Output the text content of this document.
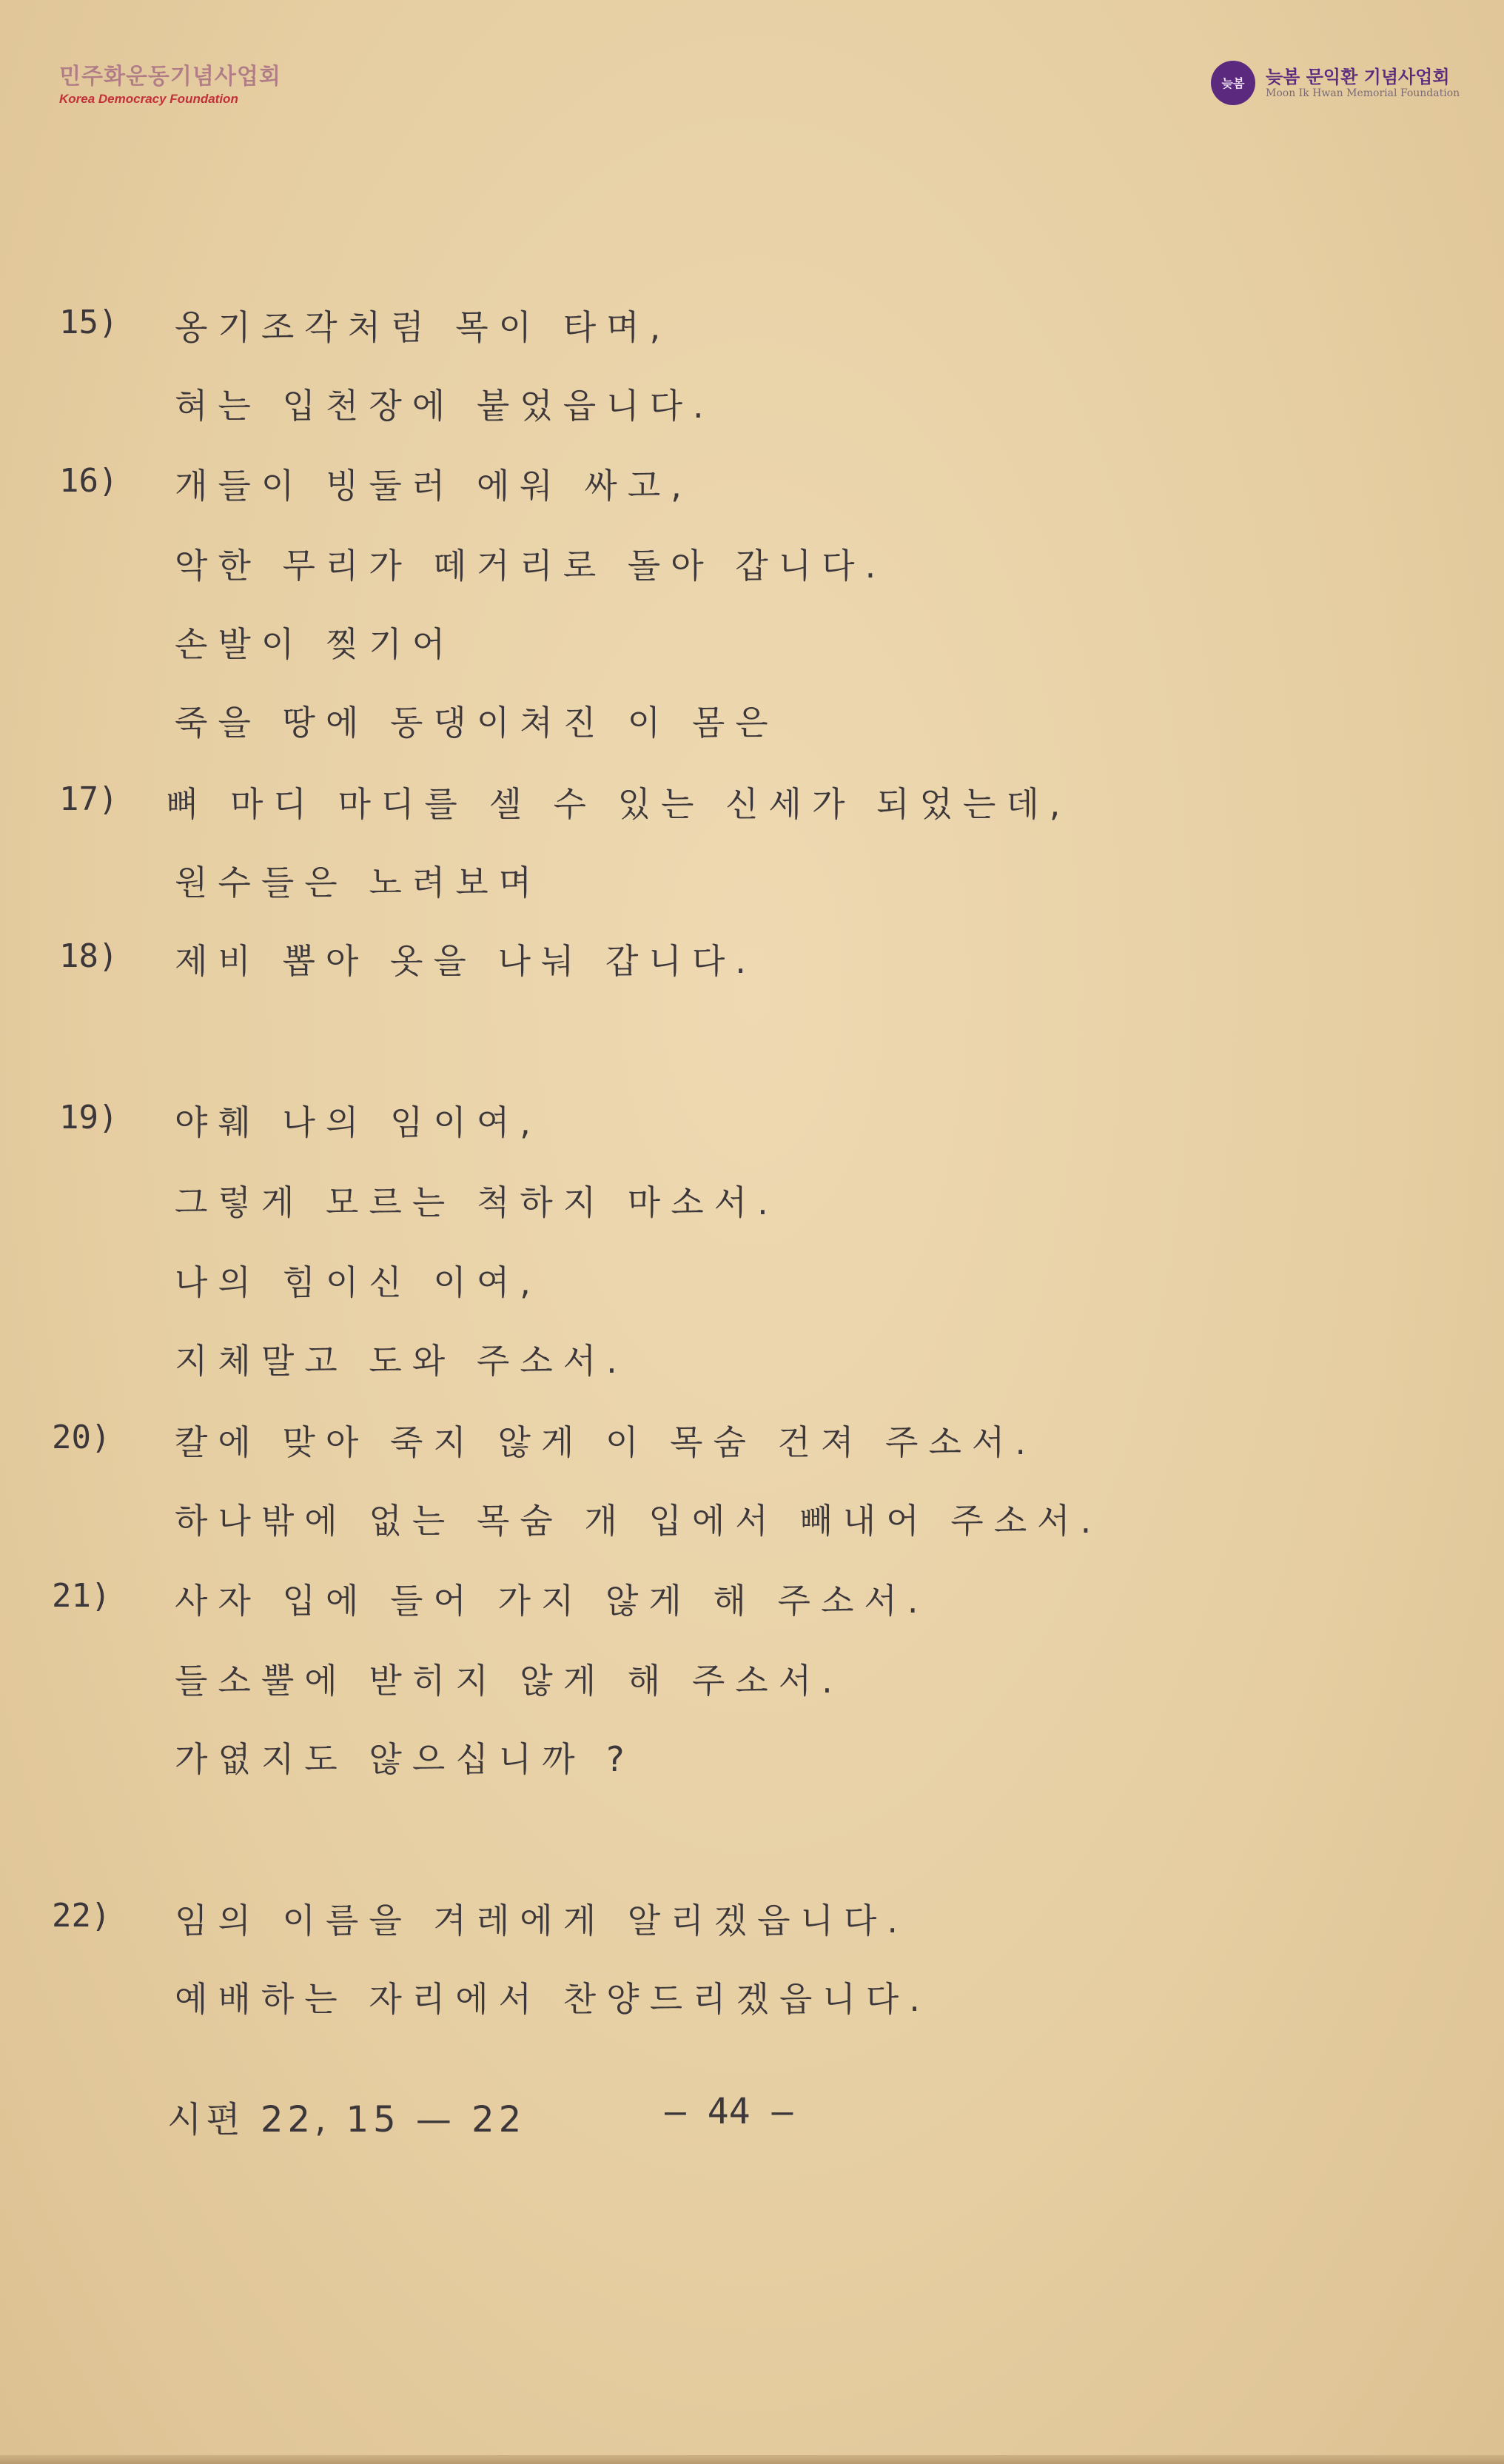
민주화운동기념사업회
Korea Democracy Foundation
늦봄	늦봄 문익환 기념사업회
Moon Ik Hwan Memorial Foundation
15) 옹기조각처럼 목이 타며,
혀는 입천장에 붙었읍니다.
16) 개들이 빙둘러 에워 싸고,
악한 무리가 떼거리로 돌아 갑니다.
손발이 찢기어
죽을 땅에 동댕이쳐진 이 몸은
17) 뼈 마디 마디를 셀 수 있는 신세가 되었는데,
원수들은 노려보며
18) 제비 뽑아 옷을 나눠 갑니다.
19) 야훼 나의 임이여,
그렇게 모르는 척하지 마소서.
나의 힘이신 이여,
지체말고 도와 주소서.
20) 칼에 맞아 죽지 않게 이 목숨 건져 주소서.
하나밖에 없는 목숨 개 입에서 빼내어 주소서.
21) 사자 입에 들어 가지 않게 해 주소서.
들소뿔에 받히지 않게 해 주소서.
가엾지도 않으십니까 ?
22) 임의 이름을 겨레에게 알리겠읍니다.
예배하는 자리에서 찬양드리겠읍니다.
시편 22, 15 — 22	— 44 —
